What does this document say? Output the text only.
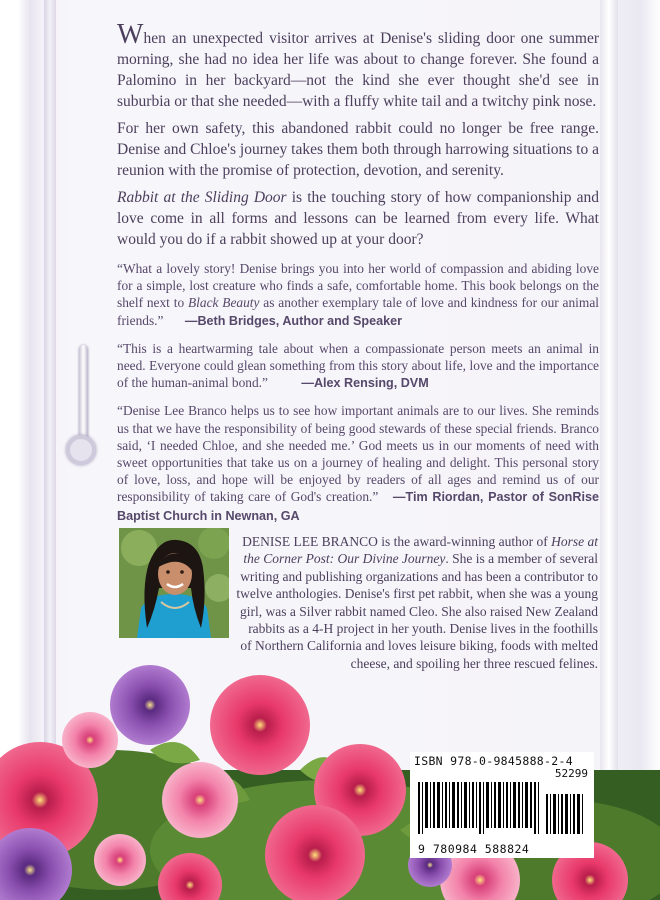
When an unexpected visitor arrives at Denise's sliding door one summer morning, she had no idea her life was about to change forever. She found a Palomino in her backyard—not the kind she ever thought she'd see in suburbia or that she needed—with a fluffy white tail and a twitchy pink nose.

For her own safety, this abandoned rabbit could no longer be free range. Denise and Chloe's journey takes them both through harrowing situations to a reunion with the promise of protection, devotion, and serenity.

Rabbit at the Sliding Door is the touching story of how companionship and love come in all forms and lessons can be learned from every life. What would you do if a rabbit showed up at your door?

“What a lovely story! Denise brings you into her world of compassion and abiding love for a simple, lost creature who finds a safe, comfortable home. This book belongs on the shelf next to Black Beauty as another exemplary tale of love and kindness for our animal friends.” —Beth Bridges, Author and Speaker
“This is a heartwarming tale about when a compassionate person meets an animal in need. Everyone could glean something from this story about life, love and the importance of the human-animal bond.”	—Alex Rensing, DVM
“Denise Lee Branco helps us to see how important animals are to our lives. She reminds us that we have the responsibility of being good stewards of these special friends. Branco said, ‘I needed Chloe, and she needed me.’ God meets us in our moments of need with sweet opportunities that take us on a journey of healing and delight. This personal story of love, loss, and hope will be enjoyed by readers of all ages and remind us of our responsibility of taking care of God's creation.” —Tim Riordan, Pastor of SonRise Baptist Church in Newnan, GA
DENISE LEE BRANCO is the award-winning author of Horse at the Corner Post: Our Divine Journey. She is a member of several writing and publishing organizations and has been a contributor to twelve anthologies. Denise's first pet rabbit, when she was a young girl, was a Silver rabbit named Cleo. She also raised New Zealand rabbits as a 4-H project in her youth. Denise lives in the foothills of Northern California and loves leisure biking, foods with melted cheese, and spoiling her three rescued felines.
ISBN 978-0-9845888-2-4
52299
9 780984 588824
